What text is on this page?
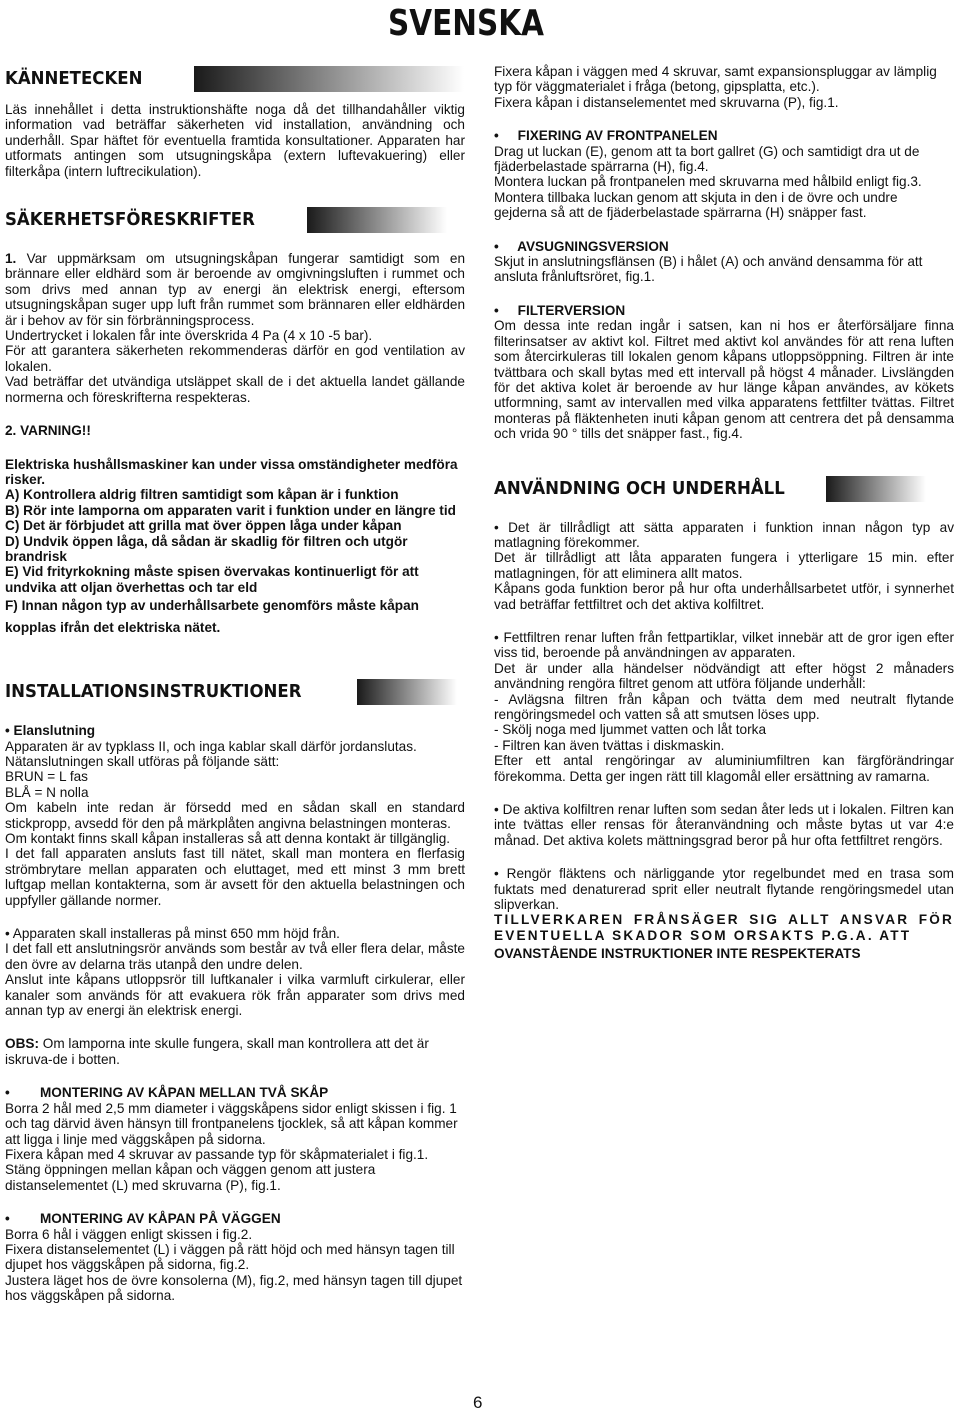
SVENSKA
KÄNNETECKEN

Läs innehållet i detta instruktionshäfte noga då det tillhandahåller viktig information vad beträffar säkerheten vid installation, användning och underhåll. Spar häftet för eventuella framtida konsultationer. Apparaten har utformats antingen som utsugningskåpa (extern luftevakuering) eller filterkåpa (intern luftrecikulation).

SÄKERHETSFÖRESKRIFTER

1. Var uppmärksam om utsugningskåpan fungerar samtidigt som en brännare eller eldhärd som är beroende av omgivningsluften i rummet och som drivs med annan typ av energi än elektrisk energi, eftersom utsugningskåpan suger upp luft från rummet som brännaren eller eldhärden är i behov av för sin förbränningsprocess.

Undertrycket i lokalen får inte överskrida 4 Pa (4 x 10 -5 bar).

För att garantera säkerheten rekommenderas därför en god ventilation av lokalen.

Vad beträffar det utvändiga utsläppet skall de i det aktuella landet gällande normerna och föreskrifterna respekteras.

2. VARNING!!

Elektriska hushållsmaskiner kan under vissa omständigheter medföra risker.

A) Kontrollera aldrig filtren samtidigt som kåpan är i funktion

B) Rör inte lamporna om apparaten varit i funktion under en längre tid

C) Det är förbjudet att grilla mat över öppen låga under kåpan

D) Undvik öppen låga, då sådan är skadlig för filtren och utgör brandrisk

E) Vid frityrkokning måste spisen övervakas kontinuerligt för att undvika att oljan överhettas och tar eld

F) Innan någon typ av underhållsarbete genomförs måste kåpan kopplas ifrån det elektriska nätet.

INSTALLATIONSINSTRUKTIONER

• Elanslutning

Apparaten är av typklass II, och inga kablar skall därför jordanslutas.

Nätanslutningen skall utföras på följande sätt:

BRUN = L fas

BLÅ = N nolla

Om kabeln inte redan är försedd med en sådan skall en standard stickpropp, avsedd för den på märkplåten angivna belastningen monteras.

Om kontakt finns skall kåpan installeras så att denna kontakt är tillgänglig.

I det fall apparaten ansluts fast till nätet, skall man montera en flerfasig strömbrytare mellan apparaten och eluttaget, med ett minst 3 mm brett luftgap mellan kontakterna, som är avsett för den aktuella belastningen och uppfyller gällande normer.

• Apparaten skall installeras på minst 650 mm höjd från.

I det fall ett anslutningsrör används som består av två eller flera delar, måste den övre av delarna träs utanpå den undre delen.

Anslut inte kåpans utloppsrör till luftkanaler i vilka varmluft cirkulerar, eller kanaler som används för att evakuera rök från apparater som drivs med annan typ av energi än elektrisk energi.

OBS: Om lamporna inte skulle fungera, skall man kontrollera att det är iskruva-de i botten.

•        MONTERING AV KÅPAN MELLAN TVÅ SKÅP

Borra 2 hål med 2,5 mm diameter i väggskåpens sidor enligt skissen i fig. 1 och tag därvid även hänsyn till frontpanelens tjocklek, så att kåpan kommer att ligga i linje med väggskåpen på sidorna.

Fixera kåpan med 4 skruvar av passande typ för skåpmaterialet i fig.1. Stäng öppningen mellan kåpan och väggen genom att justera distanselementet (L) med skruvarna (P), fig.1.

•        MONTERING AV KÅPAN PÅ VÄGGEN

Borra 6 hål i väggen enligt skissen i fig.2.

Fixera distanselementet (L) i väggen på rätt höjd och med hänsyn tagen till djupet hos väggskåpen på sidorna, fig.2.

Justera läget hos de övre konsolerna (M), fig.2, med hänsyn tagen till djupet hos väggskåpen på sidorna.

Fixera kåpan i väggen med 4 skruvar, samt expansionspluggar av lämplig typ för väggmaterialet i fråga (betong, gipsplatta, etc.).

Fixera kåpan i distanselementet med skruvarna (P), fig.1.

•     FIXERING AV FRONTPANELEN

Drag ut luckan (E), genom att ta bort gallret (G) och samtidigt dra ut de fjäderbelastade spärrarna (H), fig.4.

Montera luckan på frontpanelen med skruvarna med hålbild enligt fig.3.

Montera tillbaka luckan genom att skjuta in den i de övre och undre gejderna så att de fjäderbelastade spärrarna (H) snäpper fast.

•     AVSUGNINGSVERSION

Skjut in anslutningsflänsen (B) i hålet (A) och använd densamma för att ansluta frånluftsröret, fig.1.

•     FILTERVERSION

Om dessa inte redan ingår i satsen, kan ni hos er återförsäljare finna filterinsatser av aktivt kol. Filtret med aktivt kol användes för att rena luften som återcirkuleras till lokalen genom kåpans utloppsöppning. Filtren är inte tvättbara och skall bytas med ett intervall på högst 4 månader. Livslängden för det aktiva kolet är beroende av hur länge kåpan användes, av kökets utformning, samt av intervallen med vilka apparatens fettfilter tvättas. Filtret monteras på fläktenheten inuti kåpan genom att centrera det på densamma och vrida 90 ° tills det snäpper fast., fig.4.

ANVÄNDNING OCH UNDERHÅLL

• Det är tillrådligt att sätta apparaten i funktion innan någon typ av matlagning förekommer.

Det är tillrådligt att låta apparaten fungera i ytterligare 15 min. efter matlagningen, för att eliminera allt matos.

Kåpans goda funktion beror på hur ofta underhållsarbetet utför, i synnerhet vad beträffar fettfiltret och det aktiva kolfiltret.

• Fettfiltren renar luften från fettpartiklar, vilket innebär att de gror igen efter viss tid, beroende på användningen av apparaten.

Det är under alla händelser nödvändigt att efter högst 2 månaders användning rengöra filtret genom att utföra följande underhåll:

- Avlägsna filtren från kåpan och tvätta dem med neutralt flytande rengöringsmedel och vatten så att smutsen löses upp.

- Skölj noga med ljummet vatten och låt torka

- Filtren kan även tvättas i diskmaskin.

Efter ett antal rengöringar av aluminiumfiltren kan färgförändringar förekomma. Detta ger ingen rätt till klagomål eller ersättning av ramarna.

• De aktiva kolfiltren renar luften som sedan åter leds ut i lokalen. Filtren kan inte tvättas eller rensas för återanvändning och måste bytas ut var 4:e månad. Det aktiva kolets mättningsgrad beror på hur ofta fettfiltret rengörs.

• Rengör fläktens och närliggande ytor regelbundet med en trasa som fuktats med denaturerad sprit eller neutralt flytande rengöringsmedel utan slipverkan.

TILLVERKAREN FRÅNSÄGER SIG ALLT ANSVAR FÖR EVENTUELLA SKADOR SOM ORSAKTS P.G.A. ATT

OVANSTÅENDE INSTRUKTIONER INTE RESPEKTERATS

6
